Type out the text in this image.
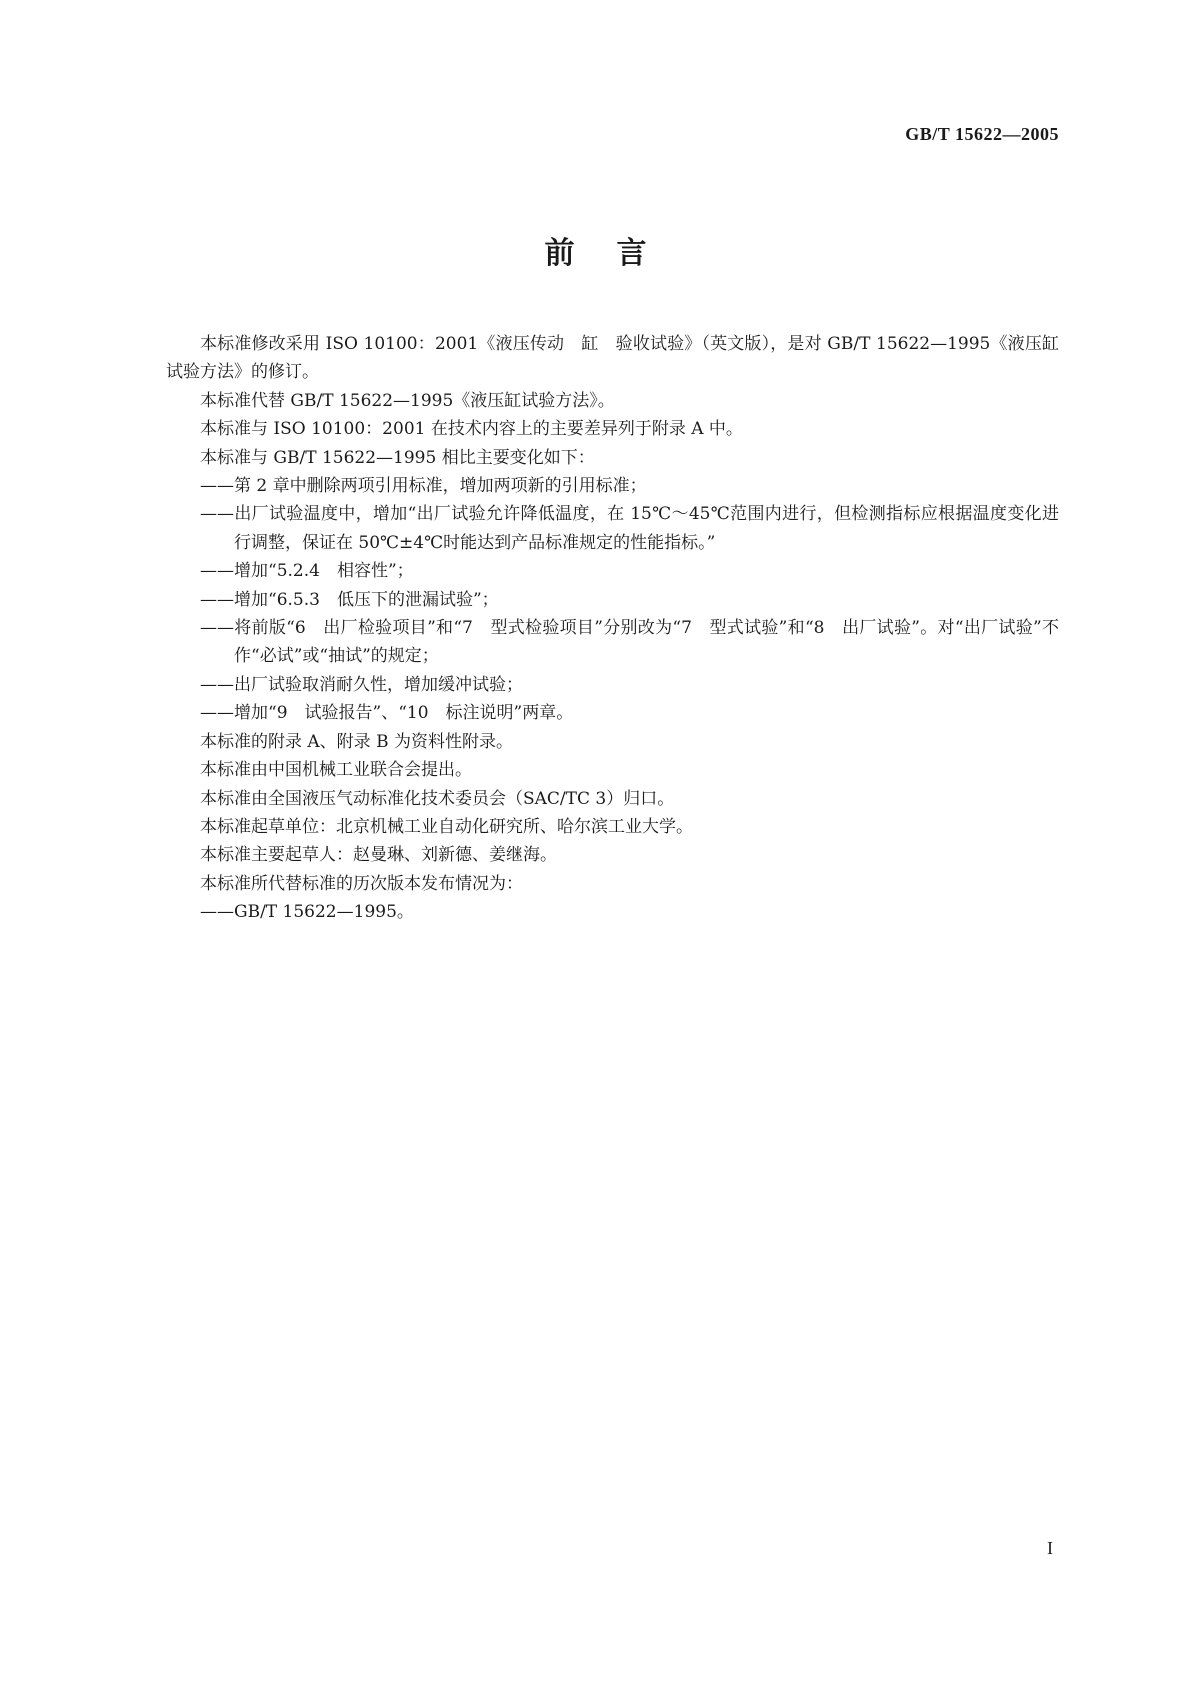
GB/T 15622—2005
前言

本标准修改采用 ISO 10100：2001《液压传动　缸　验收试验》（英文版），是对 GB/T 15622—1995《液压缸试验方法》的修订。

本标准代替 GB/T 15622—1995《液压缸试验方法》。

本标准与 ISO 10100：2001 在技术内容上的主要差异列于附录 A 中。

本标准与 GB/T 15622—1995 相比主要变化如下：

——第 2 章中删除两项引用标准，增加两项新的引用标准；

——出厂试验温度中，增加“出厂试验允许降低温度，在 15℃～45℃范围内进行，但检测指标应根据温度变化进行调整，保证在 50℃±4℃时能达到产品标准规定的性能指标。”

——增加“5.2.4　相容性”；

——增加“6.5.3　低压下的泄漏试验”；

——将前版“6　出厂检验项目”和“7　型式检验项目”分别改为“7　型式试验”和“8　出厂试验”。对“出厂试验”不作“必试”或“抽试”的规定；

——出厂试验取消耐久性，增加缓冲试验；

——增加“9　试验报告”、“10　标注说明”两章。

本标准的附录 A、附录 B 为资料性附录。

本标准由中国机械工业联合会提出。

本标准由全国液压气动标准化技术委员会（SAC/TC 3）归口。

本标准起草单位：北京机械工业自动化研究所、哈尔滨工业大学。

本标准主要起草人：赵曼琳、刘新德、姜继海。

本标准所代替标准的历次版本发布情况为：

——GB/T 15622—1995。

I
